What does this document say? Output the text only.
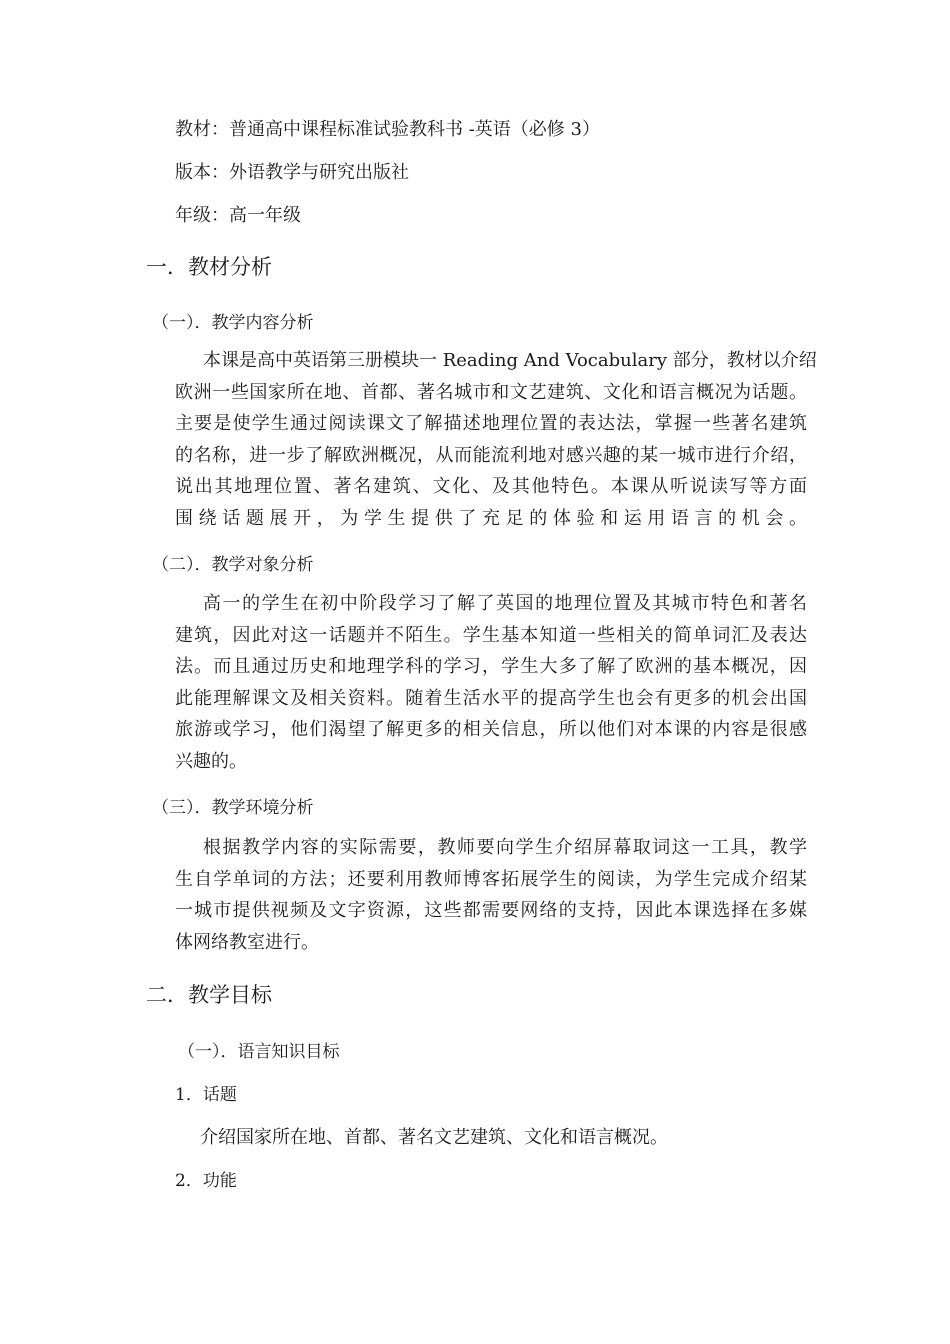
教材：普通高中课程标准试验教科书 -英语（必修 3）
版本：外语教学与研究出版社
年级：高一年级
一．教材分析
（一）．教学内容分析
本课是高中英语第三册模块一 Reading And Vocabulary 部分，教材以介绍
欧洲一些国家所在地、首都、著名城市和文艺建筑、文化和语言概况为话题。
主要是使学生通过阅读课文了解描述地理位置的表达法，掌握一些著名建筑
的名称，进一步了解欧洲概况，从而能流利地对感兴趣的某一城市进行介绍，
说出其地理位置、著名建筑、文化、及其他特色。本课从听说读写等方面
围绕话题展开，为学生提供了充足的体验和运用语言的机会。
（二）．教学对象分析
高一的学生在初中阶段学习了解了英国的地理位置及其城市特色和著名
建筑，因此对这一话题并不陌生。学生基本知道一些相关的简单词汇及表达
法。而且通过历史和地理学科的学习，学生大多了解了欧洲的基本概况，因
此能理解课文及相关资料。随着生活水平的提高学生也会有更多的机会出国
旅游或学习，他们渴望了解更多的相关信息，所以他们对本课的内容是很感
兴趣的。
（三）．教学环境分析
根据教学内容的实际需要，教师要向学生介绍屏幕取词这一工具，教学
生自学单词的方法；还要利用教师博客拓展学生的阅读，为学生完成介绍某
一城市提供视频及文字资源，这些都需要网络的支持，因此本课选择在多媒
体网络教室进行。
二．教学目标
（一）．语言知识目标
1．话题
介绍国家所在地、首都、著名文艺建筑、文化和语言概况。
2．功能
